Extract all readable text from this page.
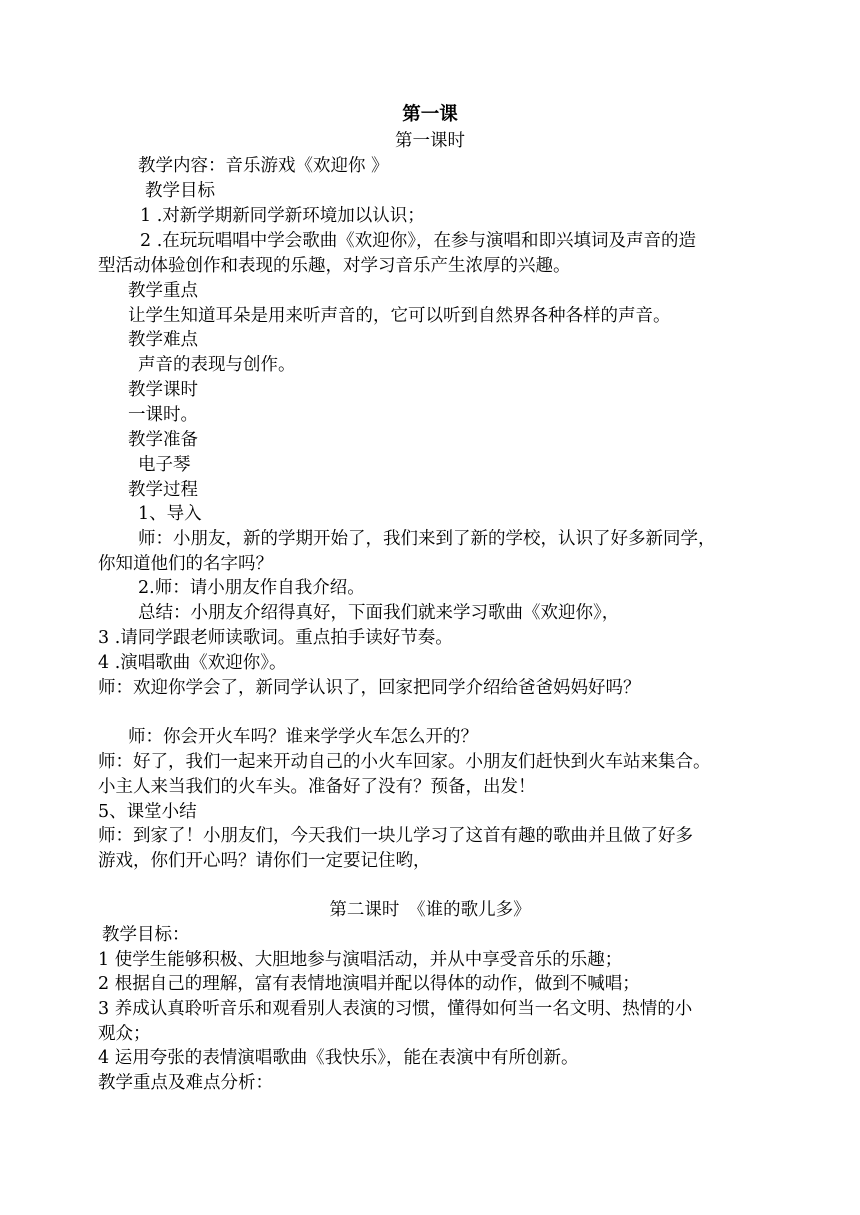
第一课
第一课时
教学内容：音乐游戏《欢迎你 》
教学目标
1 .对新学期新同学新环境加以认识；
2 .在玩玩唱唱中学会歌曲《欢迎你》，在参与演唱和即兴填词及声音的造
型活动体验创作和表现的乐趣，对学习音乐产生浓厚的兴趣。
教学重点
让学生知道耳朵是用来听声音的，它可以听到自然界各种各样的声音。
教学难点
声音的表现与创作。
教学课时
一课时。
教学准备
电子琴
教学过程
1、导入
师：小朋友，新的学期开始了，我们来到了新的学校，认识了好多新同学，
你知道他们的名字吗？
2.师：请小朋友作自我介绍。
总结：小朋友介绍得真好，下面我们就来学习歌曲《欢迎你》，
3 .请同学跟老师读歌词。重点拍手读好节奏。
4 .演唱歌曲《欢迎你》。
师：欢迎你学会了，新同学认识了，回家把同学介绍给爸爸妈妈好吗？
师：你会开火车吗？谁来学学火车怎么开的？
师：好了，我们一起来开动自己的小火车回家。小朋友们赶快到火车站来集合。
小主人来当我们的火车头。准备好了没有？预备，出发！
5、课堂小结
师：到家了！小朋友们，今天我们一块儿学习了这首有趣的歌曲并且做了好多
游戏，你们开心吗？请你们一定要记住哟，
第二课时　《谁的歌儿多》
教学目标：
1 使学生能够积极、大胆地参与演唱活动，并从中享受音乐的乐趣；
2 根据自己的理解，富有表情地演唱并配以得体的动作，做到不喊唱；
3 养成认真聆听音乐和观看别人表演的习惯，懂得如何当一名文明、热情的小
观众；
4 运用夸张的表情演唱歌曲《我快乐》，能在表演中有所创新。
教学重点及难点分析：
